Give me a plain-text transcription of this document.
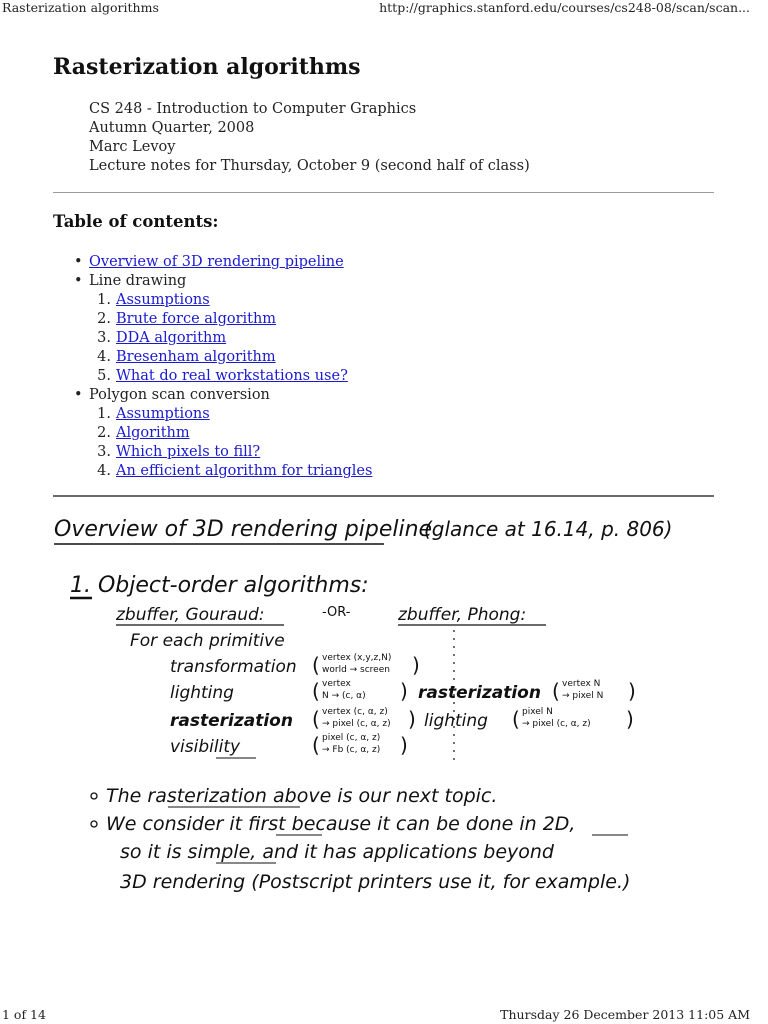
Rasterization algorithms	http://graphics.stanford.edu/courses/cs248-08/scan/scan...
Rasterization algorithms
CS 248 - Introduction to Computer Graphics
Autumn Quarter, 2008
Marc Levoy
Lecture notes for Thursday, October 9 (second half of class)
Table of contents:
• Overview of 3D rendering pipeline
• Line drawing
1. Assumptions
2. Brute force algorithm
3. DDA algorithm
4. Bresenham algorithm
5. What do real workstations use?
• Polygon scan conversion
1. Assumptions
2. Algorithm
3. Which pixels to fill?
4. An efficient algorithm for triangles
Overview of 3D rendering pipeline
(glance at 16.14, p. 806)
1. Object-order algorithms:
zbuffer, Gouraud:	-OR-	zbuffer, Phong:
For each primitive
transformation
lighting
rasterization
visibility
( vertex (x,y,z,N)
world → screen )
( vertex
N → (c, α) )
( vertex (c, α, z)
→ pixel (c, α, z) )
( pixel (c, α, z)
→ Fb (c, α, z) )
rasterization
lighting
( vertex N
→ pixel N )
( pixel N
→ pixel (c, α, z) )
The rasterization above is our next topic.
We consider it first because it can be done in 2D,
so it is simple, and it has applications beyond
3D rendering (Postscript printers use it, for example.)
1 of 14	Thursday 26 December 2013 11:05 AM
